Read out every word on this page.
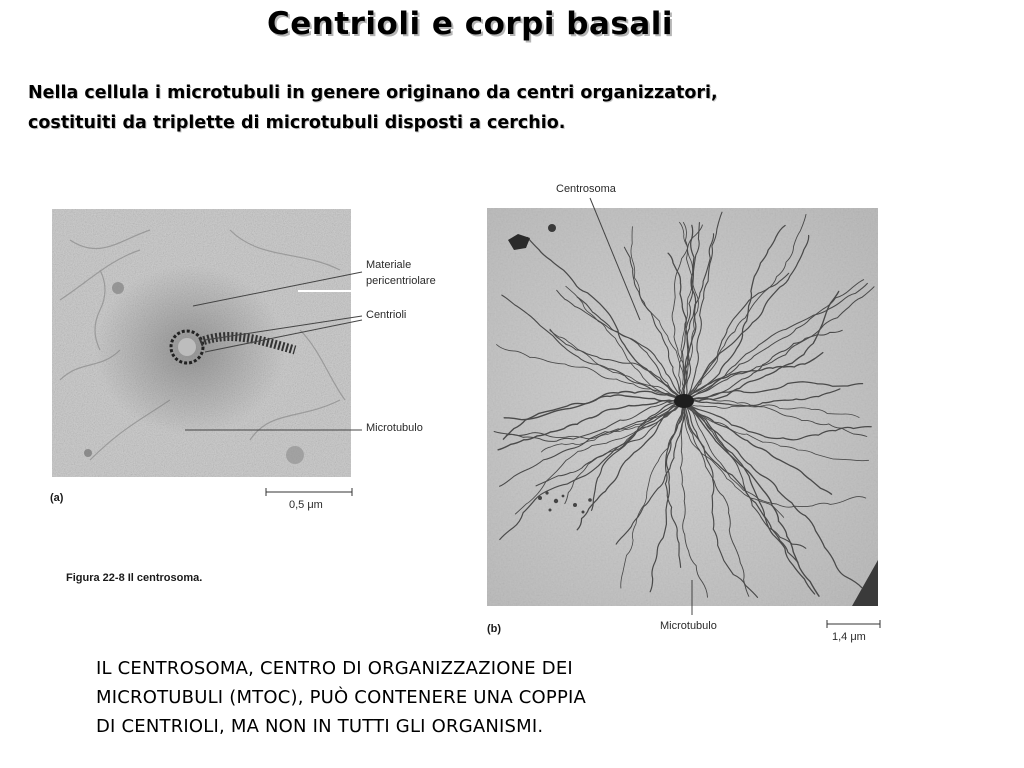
Centrioli e corpi basali
Nella cellula i microtubuli in genere originano da centri organizzatori,
costituiti da triplette di microtubuli disposti a cerchio.
Materiale
pericentriolare
Centrioli
Microtubulo
(a)
0,5 μm
Figura 22-8 Il centrosoma.
Centrosoma
Microtubulo
(b)
1,4 μm
IL CENTROSOMA, CENTRO DI ORGANIZZAZIONE DEI
MICROTUBULI (MTOC), PUÒ CONTENERE UNA COPPIA
DI CENTRIOLI, MA NON IN TUTTI GLI ORGANISMI.
